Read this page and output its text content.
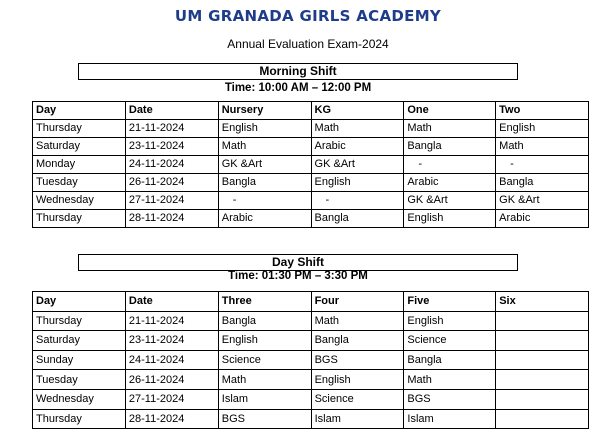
UM GRANADA GIRLS ACADEMY
Annual Evaluation Exam-2024
Morning Shift
Time: 10:00 AM – 12:00 PM
Day	Date	Nursery	KG	One	Two
Thursday	21-11-2024	English	Math	Math	English
Saturday	23-11-2024	Math	Arabic	Bangla	Math
Monday	24-11-2024	GK &Art	GK &Art	-	-
Tuesday	26-11-2024	Bangla	English	Arabic	Bangla
Wednesday	27-11-2024	-	-	GK &Art	GK &Art
Thursday	28-11-2024	Arabic	Bangla	English	Arabic
Day Shift
Time: 01:30 PM – 3:30 PM
Day	Date	Three	Four	Five	Six
Thursday	21-11-2024	Bangla	Math	English	
Saturday	23-11-2024	English	Bangla	Science	
Sunday	24-11-2024	Science	BGS	Bangla	
Tuesday	26-11-2024	Math	English	Math	
Wednesday	27-11-2024	Islam	Science	BGS	
Thursday	28-11-2024	BGS	Islam	Islam	
